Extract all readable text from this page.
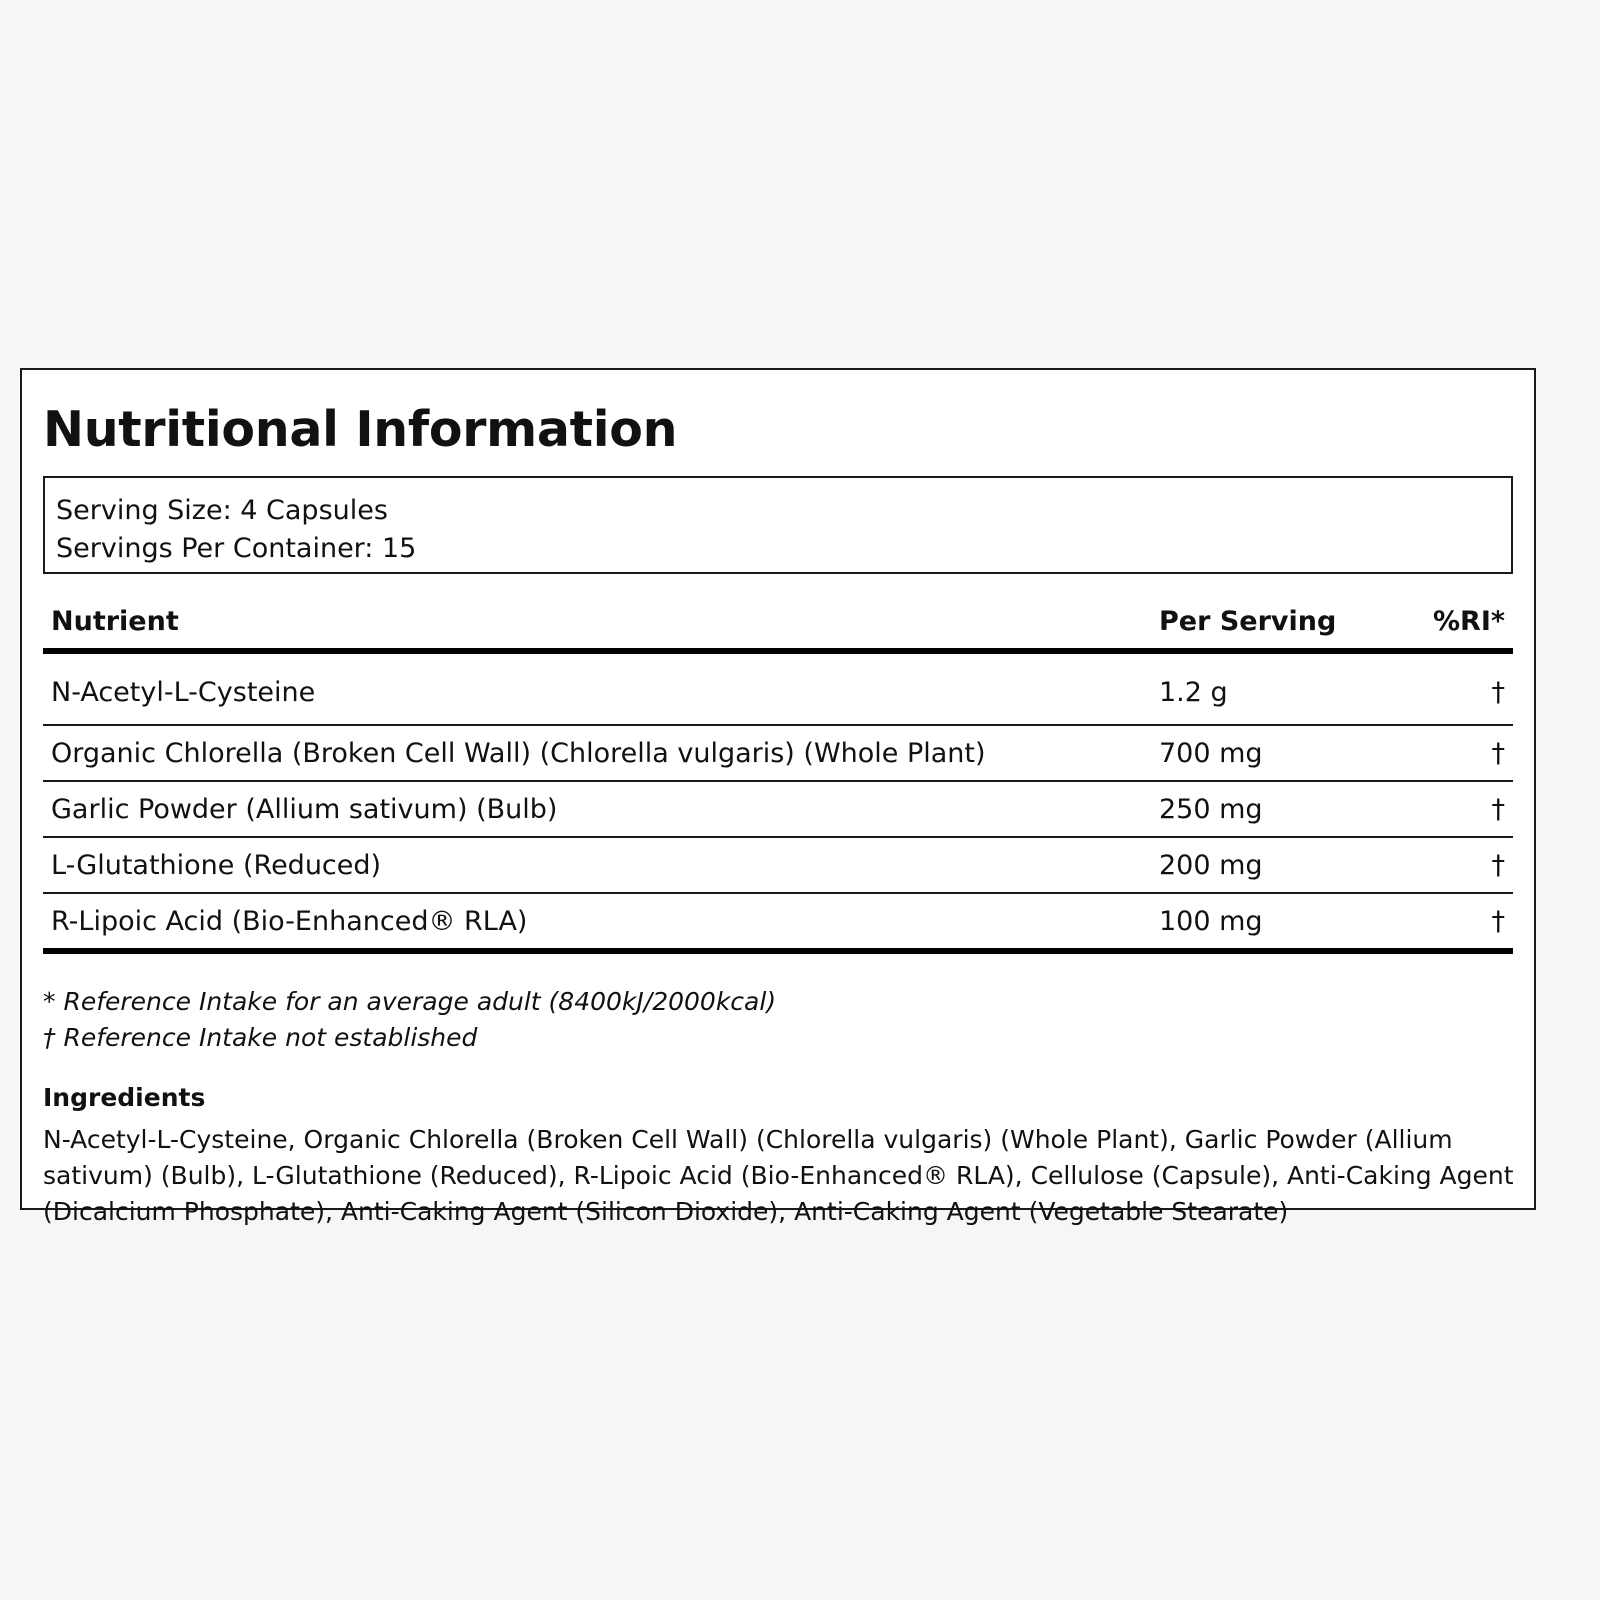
Nutritional Information
Serving Size: 4 Capsules
Servings Per Container: 15
Nutrient	Per Serving	%RI*
N-Acetyl-L-Cysteine	1.2 g	†
Organic Chlorella (Broken Cell Wall) (Chlorella vulgaris) (Whole Plant)	700 mg	†
Garlic Powder (Allium sativum) (Bulb)	250 mg	†
L-Glutathione (Reduced)	200 mg	†
R-Lipoic Acid (Bio-Enhanced® RLA)	100 mg	†
* Reference Intake for an average adult (8400kJ/2000kcal)
† Reference Intake not established
Ingredients
N-Acetyl-L-Cysteine, Organic Chlorella (Broken Cell Wall) (Chlorella vulgaris) (Whole Plant), Garlic Powder (Allium sativum) (Bulb), L-Glutathione (Reduced), R-Lipoic Acid (Bio-Enhanced® RLA), Cellulose (Capsule), Anti-Caking Agent (Dicalcium Phosphate), Anti-Caking Agent (Silicon Dioxide), Anti-Caking Agent (Vegetable Stearate)
